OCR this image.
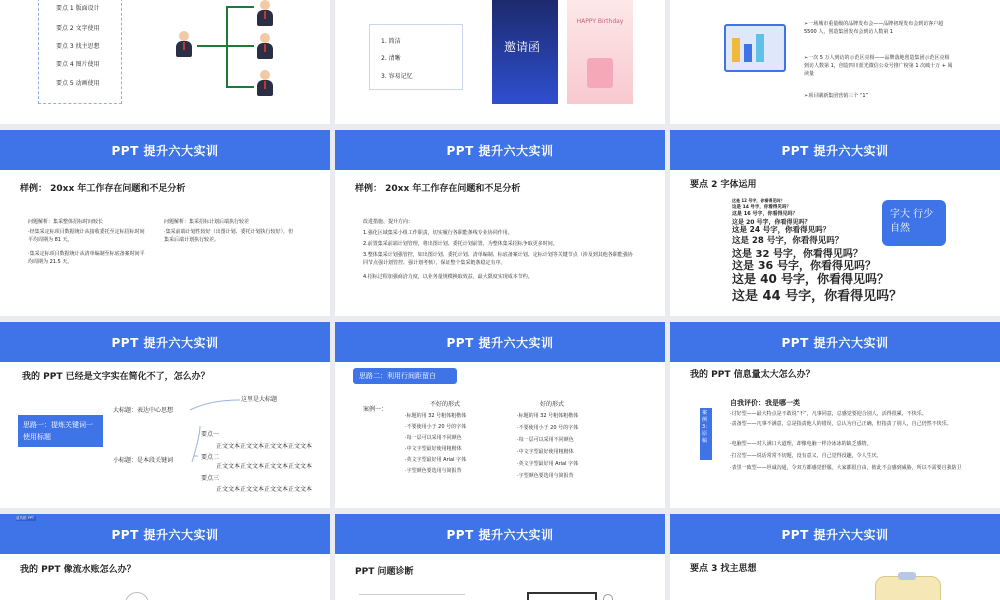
要点 1 版面设计
要点 2 文字使用
要点 3 找主思想
要点 4 图片使用
要点 5 动画使用
1. 简洁
2. 清晰
3. 容易记忆
邀请函
HAPPY Birthday	➢一场城市重量级的品牌发布会——品牌初现发布会到访客户超 5500 人，创造集团发布会到访人数第 1
➢一次 5 万人到访的示范区亮相——品牌落地创造集团示范区亮相到访人数第 1，创造四川蓝光微信公众号推广榜第 1 次破十万 + 阅读量
➢项目刷新集团营销三个 “1”
PPT 提升六大实训
样例： 20xx 年工作存在问题和不足分析
问题解析：集采整体招标时间较长
·经集采定标项目数据统计从接收委托至定标招标时间平均周期为 81 天。
·集采定标项目数据统计从清单编制至标底备案时间平均周期为 21.5 天。
问题解析：集采招标计划后端执行较差
·集采前端计划性较好（出图计划、委托计划执行较好），但集采后端计划执行较差。
PPT 提升六大实训
样例： 20xx 年工作存在问题和不足分析
改进措施、提升方向：
1.强化区域集采小组工作职责，切实履行各职能条线专业协同作用。
2.前置集采前端计划管理，将出图计划、委托计划前置，为整体集采招标争取更多时间。
3.整体集采计划强管控，如出图计划、委托计划、清单编制、标底备案计划、定标计划等关键节点（涉及到其他各职能强协同节点强计划管控、强计划考核），保证整个集采链条稳定有序。
4.招标过程加强商洽力度，以业务量规模换取效益，最大限度实现成本节约。
PPT 提升六大实训
要点 2 字体运用
这是 12 号字，你看得见吗？
这是 14 号字，你看得见吗？
这是 16 号字，你看得见吗？
这是 20 号字，你看得见吗？
这是 24 号字，你看得见吗？
这是 28 号字，你看得见吗？
这是 32 号字，你看得见吗？
这是 36 号字，你看得见吗？
这是 40 号字，你看得见吗？
这是 44 号字，你看得见吗？
字大 行少 自然
PPT 提升六大实训
我的 PPT 已经是文字实在简化不了，怎么办？
思路一：提炼关键词一使用标题
大标题：表达中心思想
这里是大标题
小标题：是本段关键词
要点一
要点二
要点三
正文文本正文文本正文文本正文文本
正文文本正文文本正文文本正文文本
正文文本正文文本正文文本正文文本
PPT 提升六大实训
思路二：利用行间距留白
案例一：
不好的形式	好的形式
·标题的用 32 号粗体粗楷体
·不要使用小于 20 号的字体
·每一层可以采用不同颜色
·中文字型最好使用粗楷体
·英文字型最好用 Arial 字体
·字型颜色要选用与简报背
·标题的用 32 号粗体粗楷体
·不要使用小于 20 号的字体
·每一层可以采用不同颜色
·中文字型最好使用粗楷体
·英文字型最好用 Arial 字体
·字型颜色要选用与简报背
PPT 提升六大实训
我的 PPT 信息量太大怎么办？
案例 3：原稿
自我评价：我是哪一类
·讨好型——最大特点是不敢说“不”，凡事同意，总感觉要迎合别人，活得很累，不快乐。
·责备型——凡事不满意，总是指责他人的错误，总认为自己正确，但指责了别人，自己仍然不快乐。
·电脑型——对人满口大道理，却像电脑一样冷冰冰的缺乏感情。
·打岔型——说话常常不切题，没有意义，自己觉得没趣，令人生厌。
·表里一致型——坦诚沟通，令双方都感觉舒服。大家都很自由，彼此不会感到威胁，所以不需要自我防卫
PPT 提升六大实训
道具箱 PPT
我的 PPT 像流水账怎么办？
PPT 提升六大实训
PPT 问题诊断
PPT 提升六大实训
要点 3 找主思想
